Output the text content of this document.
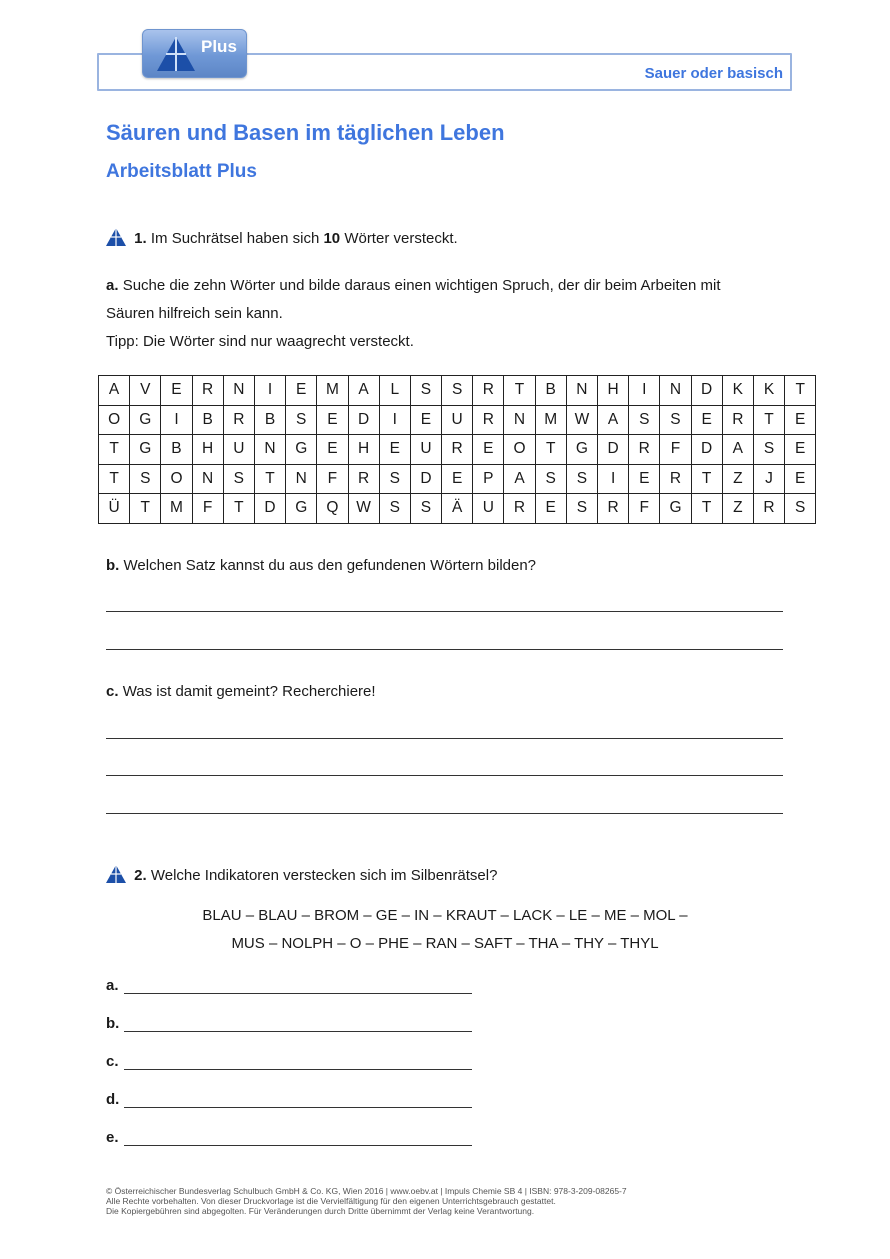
Plus
Sauer oder basisch
Säuren und Basen im täglichen Leben
Arbeitsblatt Plus
1. Im Suchrätsel haben sich 10 Wörter versteckt.
a. Suche die zehn Wörter und bilde daraus einen wichtigen Spruch, der dir beim Arbeiten mit
Säuren hilfreich sein kann.
Tipp: Die Wörter sind nur waagrecht versteckt.
A	V	E	R	N	I	E	M	A	L	S	S	R	T	B	N	H	I	N	D	K	K	T
O	G	I	B	R	B	S	E	D	I	E	U	R	N	M	W	A	S	S	E	R	T	E
T	G	B	H	U	N	G	E	H	E	U	R	E	O	T	G	D	R	F	D	A	S	E
T	S	O	N	S	T	N	F	R	S	D	E	P	A	S	S	I	E	R	T	Z	J	E
Ü	T	M	F	T	D	G	Q	W	S	S	Ä	U	R	E	S	R	F	G	T	Z	R	S
b. Welchen Satz kannst du aus den gefundenen Wörtern bilden?
c. Was ist damit gemeint? Recherchiere!
2. Welche Indikatoren verstecken sich im Silbenrätsel?
BLAU – BLAU – BROM – GE – IN – KRAUT – LACK – LE – ME – MOL –
MUS – NOLPH – O – PHE – RAN – SAFT – THA – THY – THYL
a.
b.
c.
d.
e.
© Österreichischer Bundesverlag Schulbuch GmbH & Co. KG, Wien 2016 | www.oebv.at | Impuls Chemie SB 4 | ISBN: 978-3-209-08265-7
Alle Rechte vorbehalten. Von dieser Druckvorlage ist die Vervielfältigung für den eigenen Unterrichtsgebrauch gestattet.
Die Kopiergebühren sind abgegolten. Für Veränderungen durch Dritte übernimmt der Verlag keine Verantwortung.
